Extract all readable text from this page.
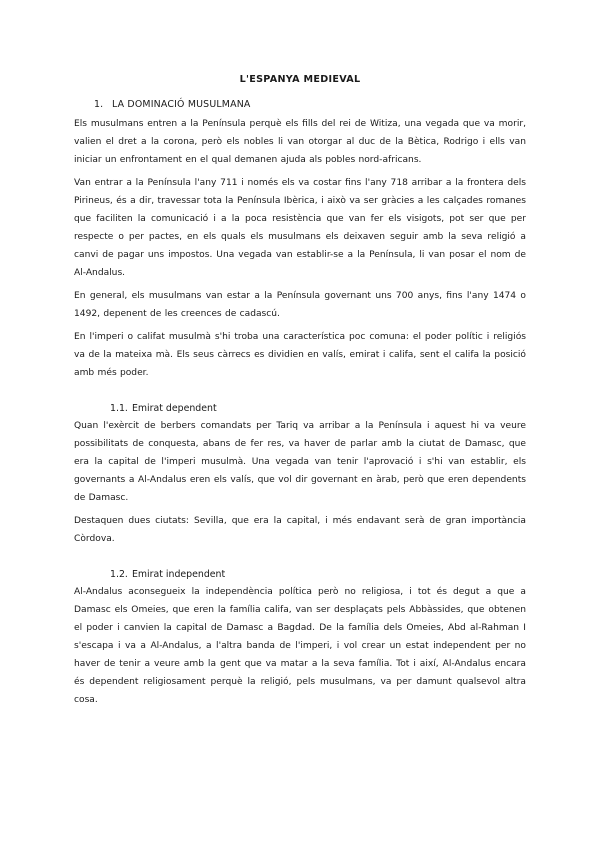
L'ESPANYA MEDIEVAL
1. LA DOMINACIÓ MUSULMANA

Els musulmans entren a la Península perquè els fills del rei de Witiza, una vegada que va morir, valien el dret a la corona, però els nobles li van otorgar al duc de la Bètica, Rodrigo i ells van iniciar un enfrontament en el qual demanen ajuda als pobles nord-africans.

Van entrar a la Península l'any 711 i només els va costar fins l'any 718 arribar a la frontera dels Pirineus, és a dir, travessar tota la Península Ibèrica, i això va ser gràcies a les calçades romanes que faciliten la comunicació i a la poca resistència que van fer els visigots, pot ser que per respecte o per pactes, en els quals els musulmans els deixaven seguir amb la seva religió a canvi de pagar uns impostos. Una vegada van establir-se a la Península, li van posar el nom de Al-Andalus.

En general, els musulmans van estar a la Península governant uns 700 anys, fins l'any 1474 o 1492, depenent de les creences de cadascú.

En l'imperi o califat musulmà s'hi troba una característica poc comuna: el poder polític i religiós va de la mateixa mà. Els seus càrrecs es dividien en valís, emirat i califa, sent el califa la posició amb més poder.

1.1. Emirat dependent

Quan l'exèrcit de berbers comandats per Tariq va arribar a la Península i aquest hi va veure possibilitats de conquesta, abans de fer res, va haver de parlar amb la ciutat de Damasc, que era la capital de l'imperi musulmà. Una vegada van tenir l'aprovació i s'hi van establir, els governants a Al-Andalus eren els valís, que vol dir governant en àrab, però que eren dependents de Damasc.

Destaquen dues ciutats: Sevilla, que era la capital, i més endavant serà de gran importància Còrdova.

1.2. Emirat independent

Al-Andalus aconsegueix la independència política però no religiosa, i tot és degut a que a Damasc els Omeies, que eren la família califa, van ser desplaçats pels Abbàssides, que obtenen el poder i canvien la capital de Damasc a Bagdad. De la família dels Omeies, Abd al-Rahman I s'escapa i va a Al-Andalus, a l'altra banda de l'imperi, i vol crear un estat independent per no haver de tenir a veure amb la gent que va matar a la seva família. Tot i així, Al-Andalus encara és dependent religiosament perquè la religió, pels musulmans, va per damunt qualsevol altra cosa.
